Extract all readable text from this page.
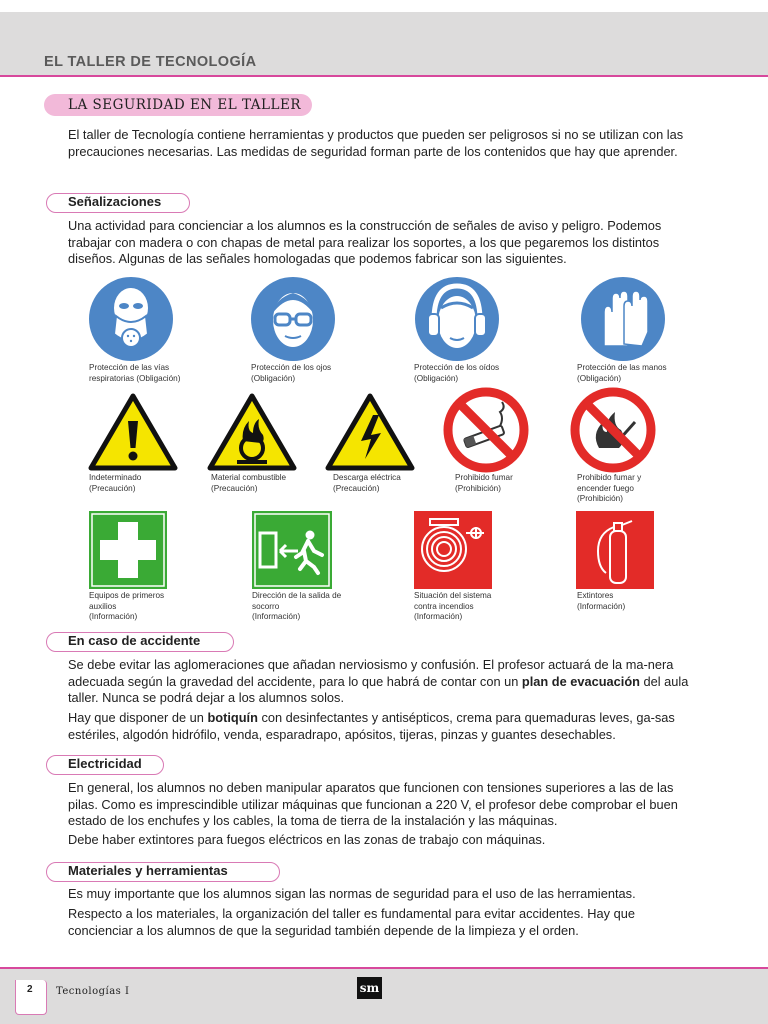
EL TALLER DE TECNOLOGÍA
LA SEGURIDAD EN EL TALLER
El taller de Tecnología contiene herramientas y productos que pueden ser peligrosos si no se utilizan con las precauciones necesarias. Las medidas de seguridad forman parte de los contenidos que hay que aprender.
Señalizaciones
Una actividad para concienciar a los alumnos es la construcción de señales de aviso y peligro. Podemos trabajar con madera o con chapas de metal para realizar los soportes, a los que pegaremos los distintos diseños. Algunas de las señales homologadas que podemos fabricar son las siguientes.
Protección de las vías
respiratorias (Obligación)
Protección de los ojos
(Obligación)
Protección de los oídos
(Obligación)
Protección de las manos
(Obligación)
Indeterminado
(Precaución)
Material combustible
(Precaución)
Descarga eléctrica
(Precaución)
Prohibido fumar
(Prohibición)
Prohibido fumar y
encender fuego
(Prohibición)
Equipos de primeros
auxilios
(Información)
Dirección de la salida de
socorro
(Información)
Situación del sistema
contra incendios
(Información)
Extintores
(Información)
En caso de accidente
Se debe evitar las aglomeraciones que añadan nerviosismo y confusión. El profesor actuará de la ma-nera adecuada según la gravedad del accidente, para lo que habrá de contar con un plan de evacuación del aula taller. Nunca se podrá dejar a los alumnos solos.
Hay que disponer de un botiquín con desinfectantes y antisépticos, crema para quemaduras leves, ga-sas estériles, algodón hidrófilo, venda, esparadrapo, apósitos, tijeras, pinzas y guantes desechables.
Electricidad
En general, los alumnos no deben manipular aparatos que funcionen con tensiones superiores a las de las pilas. Como es imprescindible utilizar máquinas que funcionan a 220 V, el profesor debe comprobar el buen estado de los enchufes y los cables, la toma de tierra de la instalación y las máquinas.
Debe haber extintores para fuegos eléctricos en las zonas de trabajo con máquinas.
Materiales y herramientas
Es muy importante que los alumnos sigan las normas de seguridad para el uso de las herramientas.
Respecto a los materiales, la organización del taller es fundamental para evitar accidentes. Hay que concienciar a los alumnos de que la seguridad también depende de la limpieza y el orden.
2 Tecnologías I	sm
